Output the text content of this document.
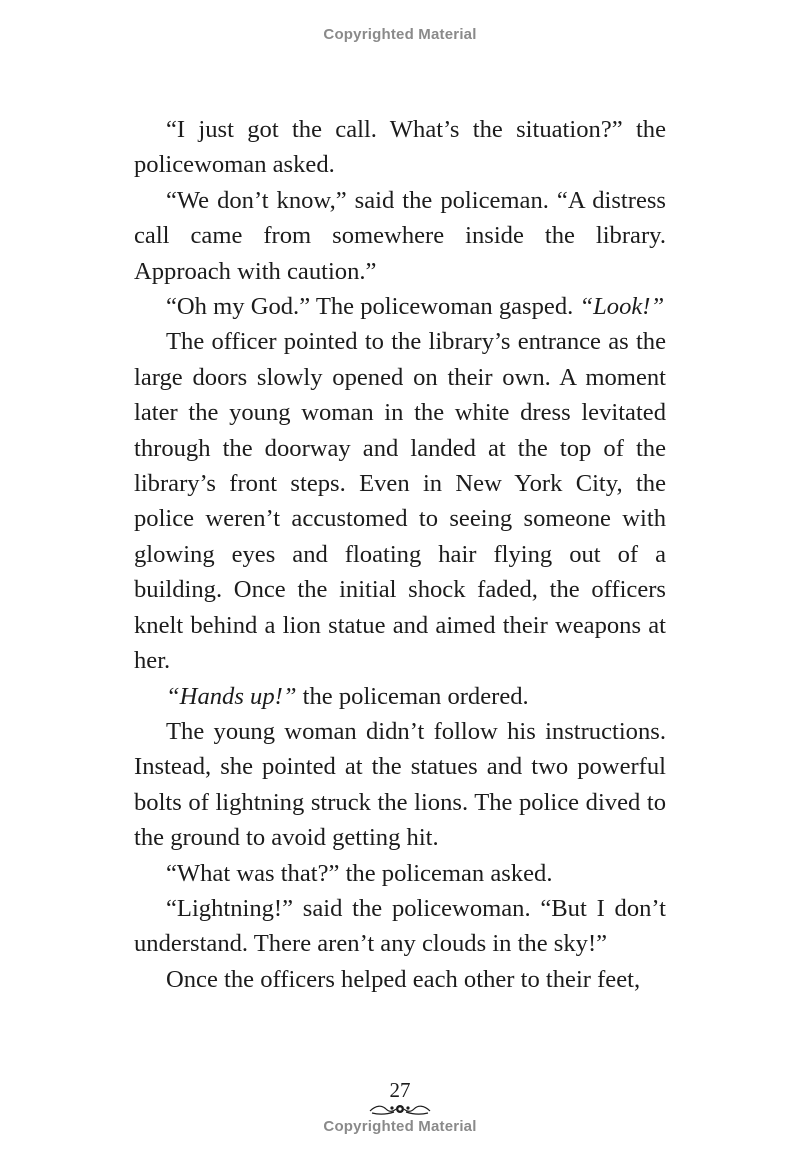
Copyrighted Material

“I just got the call. What’s the situation?” the policewoman asked.

“We don’t know,” said the policeman. “A distress call came from somewhere inside the library. Approach with caution.”

“Oh my God.” The policewoman gasped. “Look!”

The officer pointed to the library’s entrance as the large doors slowly opened on their own. A moment later the young woman in the white dress levitated through the doorway and landed at the top of the library’s front steps. Even in New York City, the police weren’t accustomed to seeing someone with glowing eyes and floating hair flying out of a building. Once the initial shock faded, the officers knelt behind a lion statue and aimed their weapons at her.

“Hands up!” the policeman ordered.

The young woman didn’t follow his instructions. Instead, she pointed at the statues and two powerful bolts of lightning struck the lions. The police dived to the ground to avoid getting hit.

“What was that?” the policeman asked.

“Lightning!” said the policewoman. “But I don’t understand. There aren’t any clouds in the sky!”

Once the officers helped each other to their feet,

27
Copyrighted Material
